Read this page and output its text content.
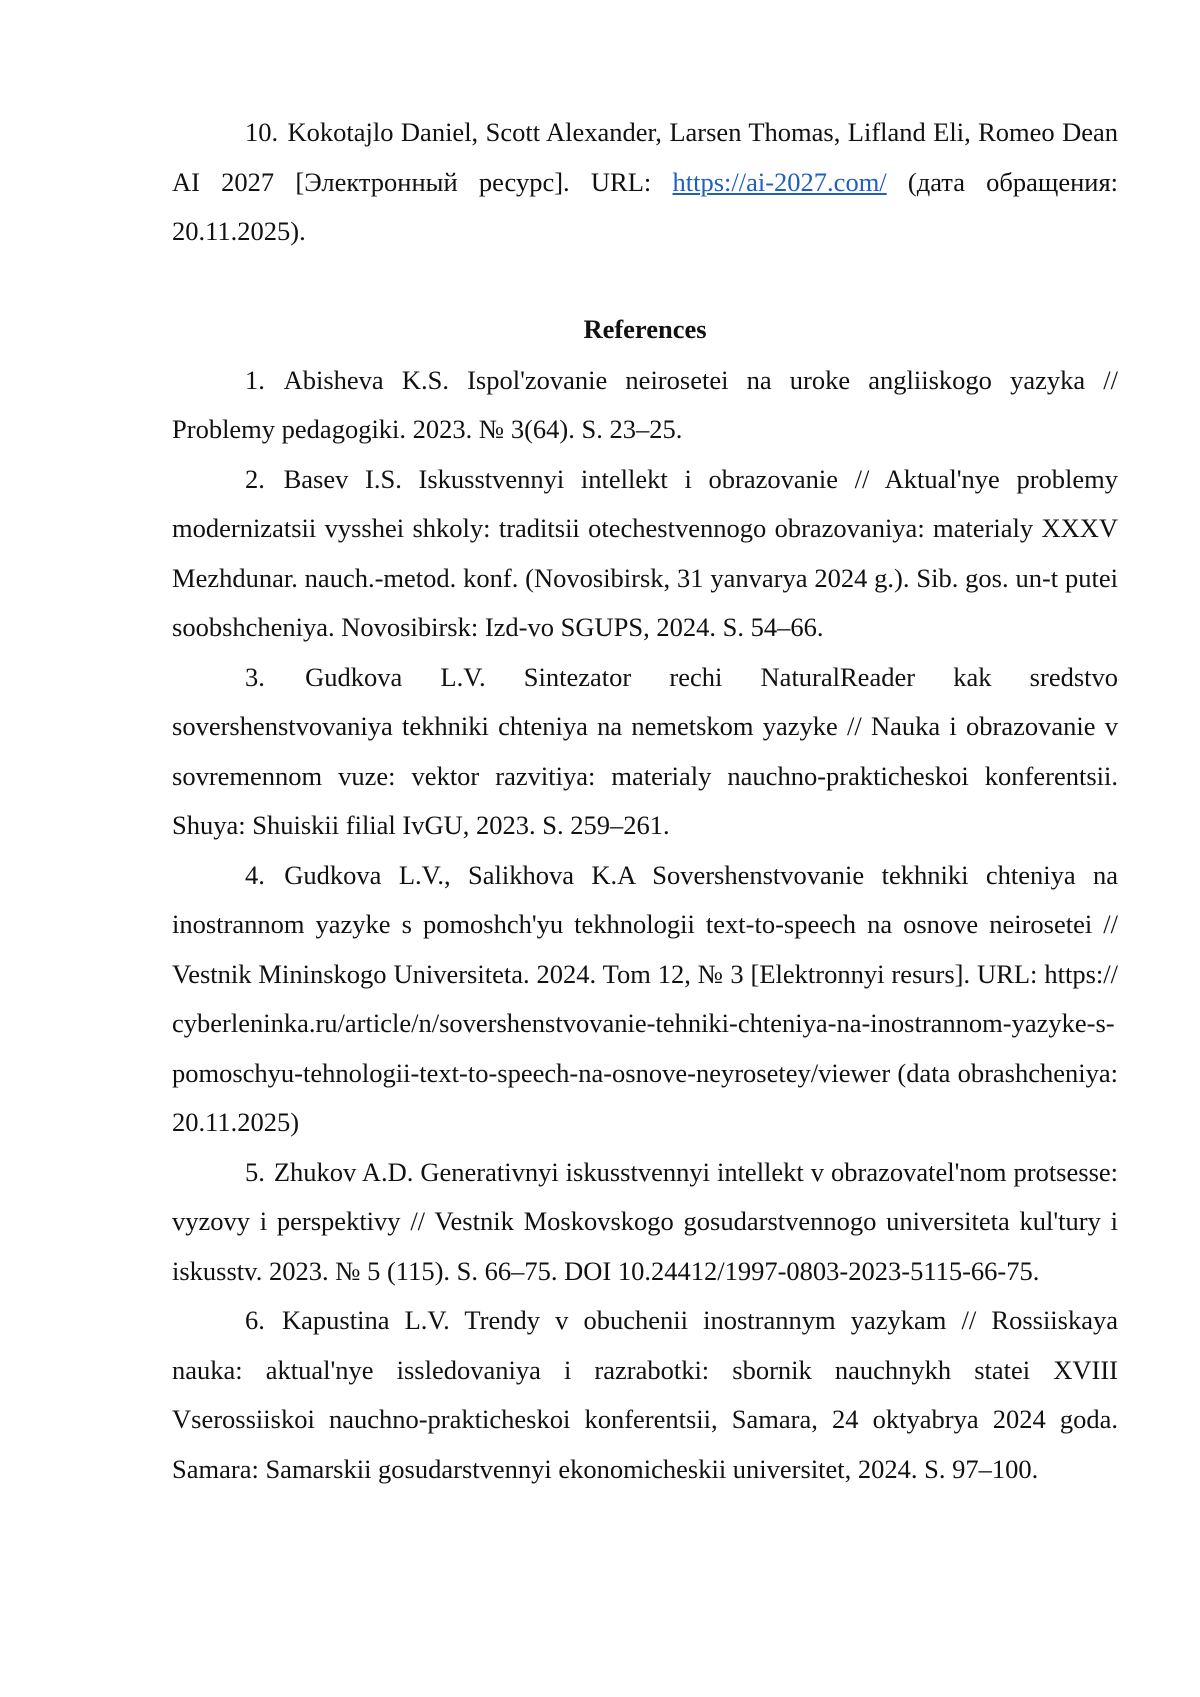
10. Kokotajlo Daniel, Scott Alexander, Larsen Thomas, Lifland Eli, Romeo Dean AI 2027 [Электронный ресурс]. URL: https://ai-2027.com/ (дата обращения: 20.11.2025).

References

1. Abisheva K.S. Ispol'zovanie neirosetei na uroke angliiskogo yazyka // Problemy pedagogiki. 2023. № 3(64). S. 23–25.

2. Basev I.S. Iskusstvennyi intellekt i obrazovanie // Aktual'nye problemy modernizatsii vysshei shkoly: traditsii otechestvennogo obrazovaniya: materialy XXXV Mezhdunar. nauch.-metod. konf. (Novosibirsk, 31 yanvarya 2024 g.). Sib. gos. un-t putei soobshcheniya. Novosibirsk: Izd-vo SGUPS, 2024. S. 54–66.

3. Gudkova L.V. Sintezator rechi NaturalReader kak sredstvo sovershenstvovaniya tekhniki chteniya na nemetskom yazyke // Nauka i obrazovanie v sovremennom vuze: vektor razvitiya: materialy nauchno-prakticheskoi konferentsii. Shuya: Shuiskii filial IvGU, 2023. S. 259–261.

4. Gudkova L.V., Salikhova K.A Sovershenstvovanie tekhniki chteniya na inostrannom yazyke s pomoshch'yu tekhnologii text-to-speech na osnove neirosetei // Vestnik Mininskogo Universiteta. 2024. Tom 12, № 3 [Elektronnyi resurs]. URL: https://cyberleninka.ru/article/n/sovershenstvovanie-tehniki-chteniya-na-inostrannom-yazyke-s-pomoschyu-tehnologii-text-to-speech-na-osnove-neyrosetey/viewer (data obrashcheniya: 20.11.2025)

5. Zhukov A.D. Generativnyi iskusstvennyi intellekt v obrazovatel'nom protsesse: vyzovy i perspektivy // Vestnik Moskovskogo gosudarstvennogo universiteta kul'tury i iskusstv. 2023. № 5 (115). S. 66–75. DOI 10.24412/1997-0803-2023-5115-66-75.

6. Kapustina L.V. Trendy v obuchenii inostrannym yazykam // Rossiiskaya nauka: aktual'nye issledovaniya i razrabotki: sbornik nauchnykh statei XVIII Vserossiiskoi nauchno-prakticheskoi konferentsii, Samara, 24 oktyabrya 2024 goda. Samara: Samarskii gosudarstvennyi ekonomicheskii universitet, 2024. S. 97–100.
